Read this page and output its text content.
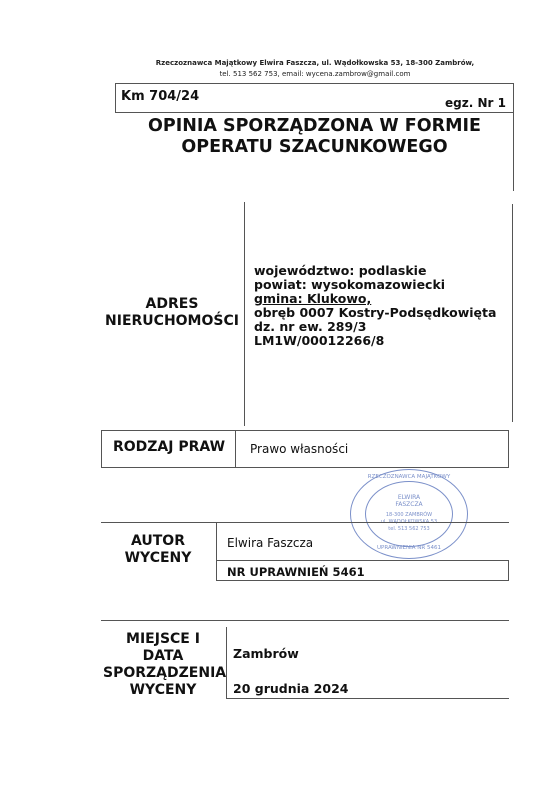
Rzeczoznawca Majątkowy Elwira Faszcza, ul. Wądołkowska 53, 18-300 Zambrów,
tel. 513 562 753, email: wycena.zambrow@gmail.com
Km 704/24	egz. Nr 1
OPINIA SPORZĄDZONA W FORMIE
OPERATU SZACUNKOWEGO
ADRES
NIERUCHOMOŚCI
województwo: podlaskie
powiat: wysokomazowiecki
gmina: Klukowo,
obręb 0007 Kostry-Podsędkowięta
dz. nr ew. 289/3
LM1W/00012266/8
RODZAJ PRAW	Prawo własności
RZECZOZNAWCA MAJĄTKOWY
ELWIRA
FASZCZA
18-300 ZAMBRÓW
tel. 513 562 753
UPRAWNIENIA NR 5461
AUTOR
WYCENY
Elwira Faszcza
NR UPRAWNIEŃ 5461
MIEJSCE I
DATA
SPORZĄDZENIA
WYCENY
Zambrów
20 grudnia 2024
